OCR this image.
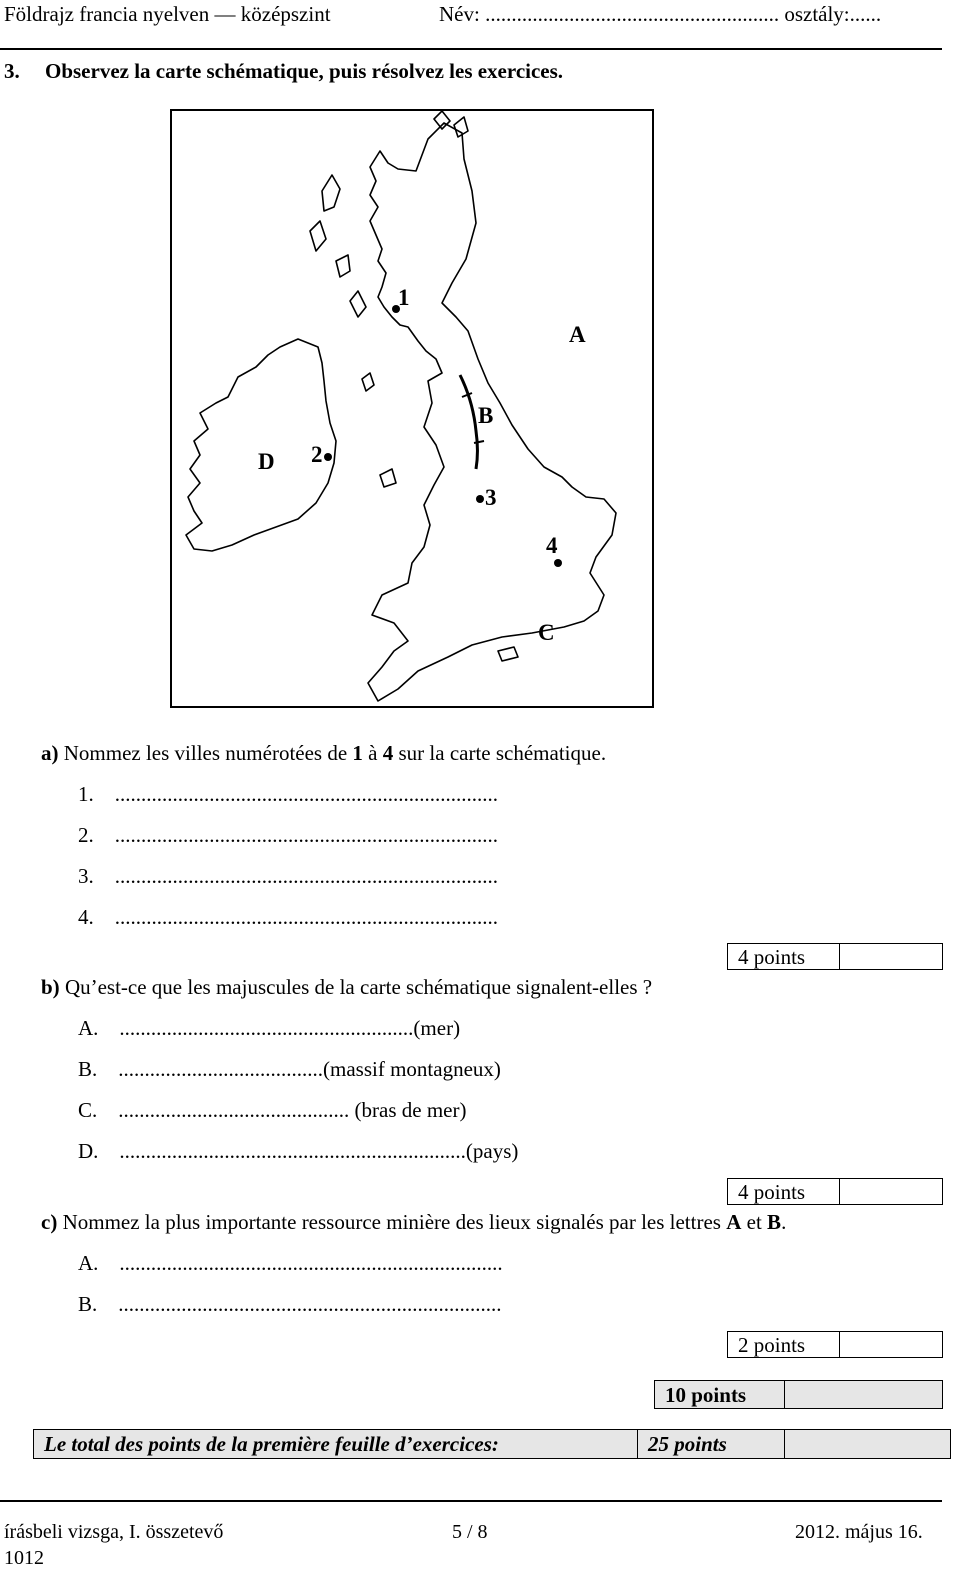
Földrajz francia nyelven — középszint	Név: ........................................................ osztály:......
3. Observez la carte schématique, puis résolvez les exercices.
1
A
B
2
D
3
4
C
a) Nommez les villes numérotées de 1 à 4 sur la carte schématique.
1. .........................................................................
2. .........................................................................
3. .........................................................................
4. .........................................................................
4 points
b) Qu’est-ce que les majuscules de la carte schématique signalent-elles ?
A. ........................................................(mer)
B. .......................................(massif montagneux)
C. ............................................ (bras de mer)
D. ..................................................................(pays)
4 points
c) Nommez la plus importante ressource minière des lieux signalés par les lettres A et B.
A. .........................................................................
B. .........................................................................
2 points
10 points
Le total des points de la première feuille d’exercices:	25 points
írásbeli vizsga, I. összetevő	5 / 8	2012. május 16.
1012
